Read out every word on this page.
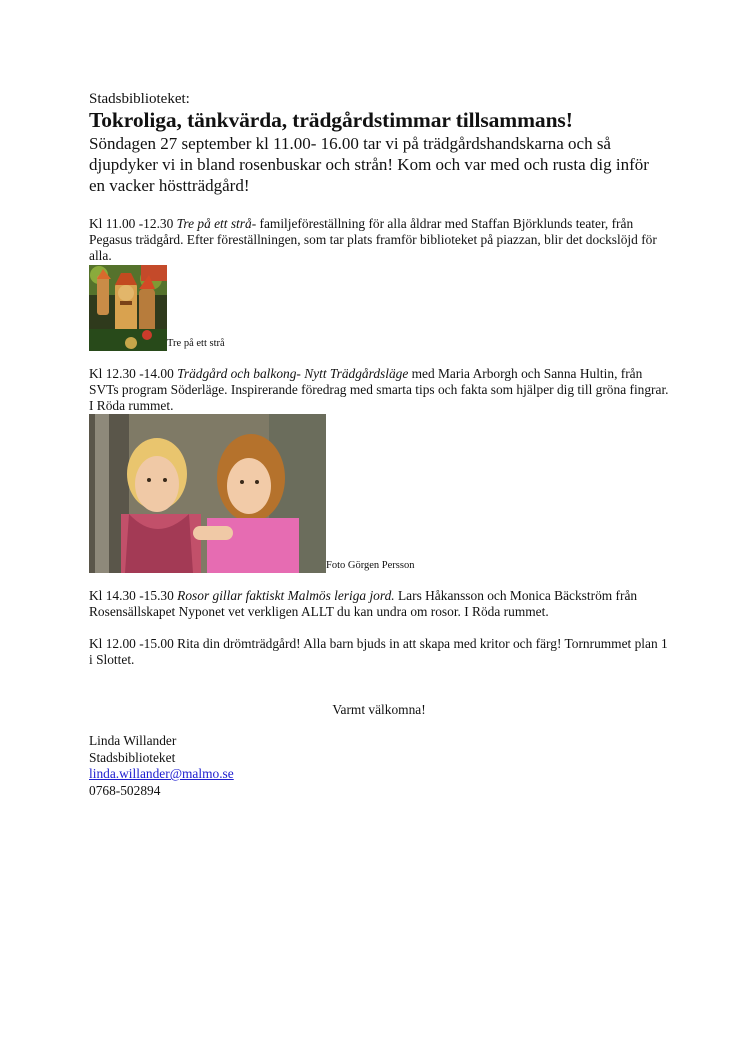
Stadsbiblioteket:

Tokroliga, tänkvärda, trädgårdstimmar tillsammans!

Söndagen 27 september kl 11.00- 16.00 tar vi på trädgårdshandskarna och så djupdyker vi in bland rosenbuskar och strån! Kom och var med och rusta dig inför en vacker höstträdgård!

Kl 11.00 -12.30 Tre på ett strå- familjeföreställning för alla åldrar med Staffan Björklunds teater, från Pegasus trädgård. Efter föreställningen, som tar plats framför biblioteket på piazzan, blir det dockslöjd för alla.

Tre på ett strå

Kl 12.30 -14.00 Trädgård och balkong- Nytt Trädgårdsläge med Maria Arborgh och Sanna Hultin, från SVTs program Söderläge. Inspirerande föredrag med smarta tips och fakta som hjälper dig till gröna fingrar. I Röda rummet.

Foto Görgen Persson

Kl 14.30 -15.30 Rosor gillar faktiskt Malmös leriga jord. Lars Håkansson och Monica Bäckström från Rosensällskapet Nyponet vet verkligen ALLT du kan undra om rosor. I Röda rummet.

Kl 12.00 -15.00 Rita din drömträdgård! Alla barn bjuds in att skapa med kritor och färg! Tornrummet plan 1 i Slottet.

Varmt välkomna!

Linda Willander

Stadsbiblioteket

linda.willander@malmo.se

0768-502894
